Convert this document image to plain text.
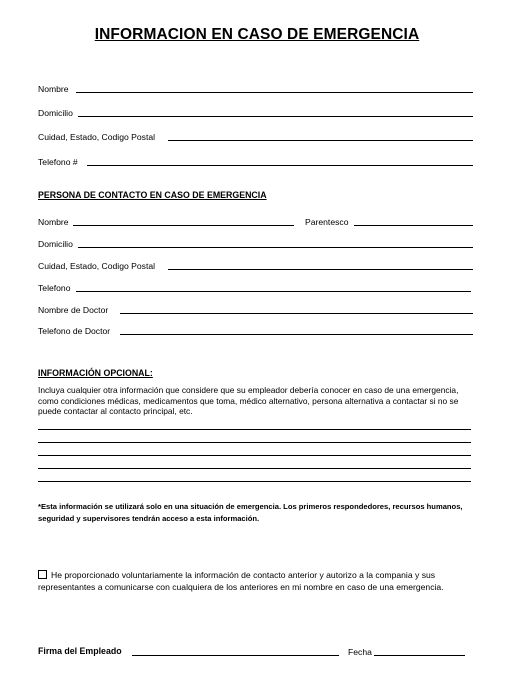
INFORMACION EN CASO DE EMERGENCIA
Nombre
Domicilio
Cuidad, Estado, Codigo Postal
Telefono #
PERSONA DE CONTACTO EN CASO DE EMERGENCIA
Nombre	Parentesco
Domicilio
Cuidad, Estado, Codigo Postal
Telefono
Nombre de Doctor
Telefono de Doctor
INFORMACIÓN OPCIONAL:
Incluya cualquier otra información que considere que su empleador debería conocer en caso de una emergencia, como condiciones médicas, medicamentos que toma, médico alternativo, persona alternativa a contactar si no se puede contactar al contacto principal, etc.
*Esta información se utilizará solo en una situación de emergencia. Los primeros respondedores, recursos humanos, seguridad y supervisores tendrán acceso a esta información.
He proporcionado voluntariamente la información de contacto anterior y autorizo a la compania y sus representantes a comunicarse con cualquiera de los anteriores en mi nombre en caso de una emergencia.
Firma del Empleado	Fecha
